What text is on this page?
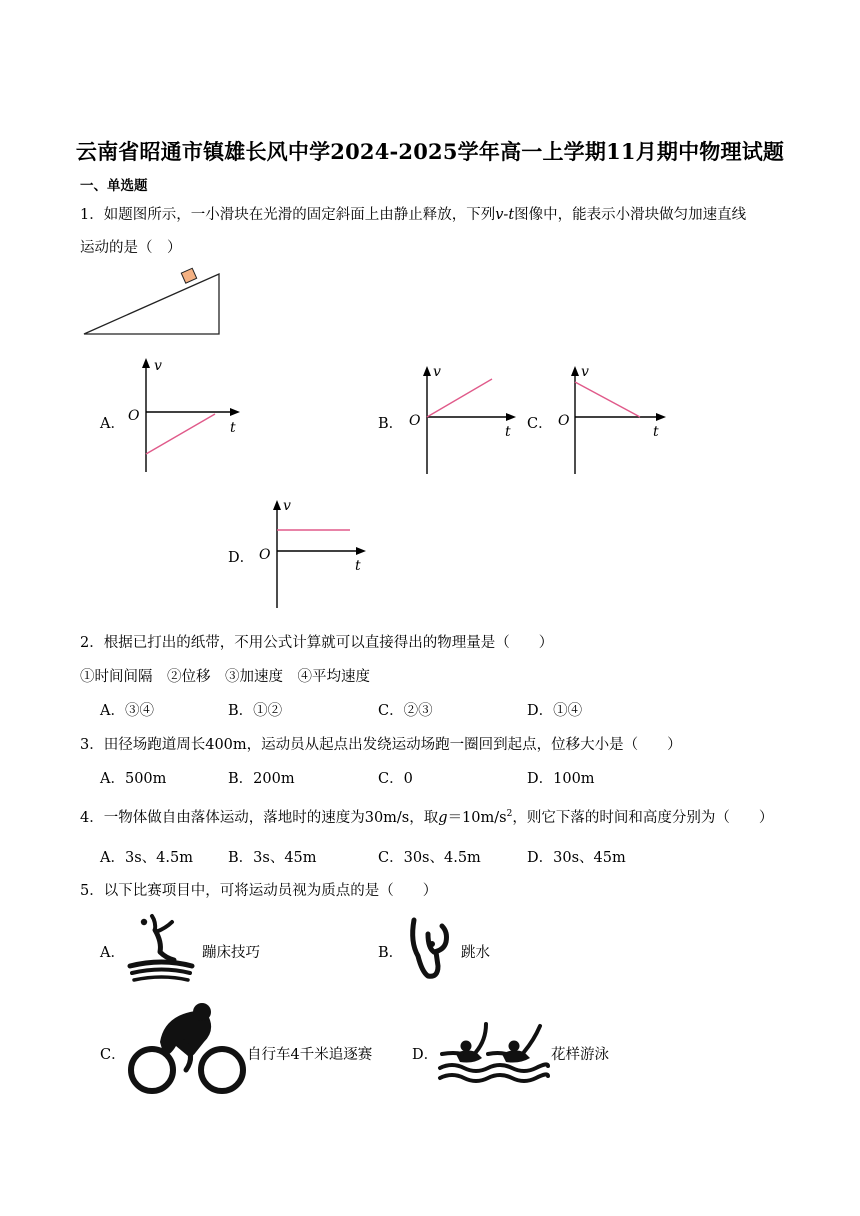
云南省昭通市镇雄长风中学2024-2025学年高一上学期11月期中物理试题
一、单选题
1．如题图所示，一小滑块在光滑的固定斜面上由静止释放，下列v-t图像中，能表示小滑块做匀加速直线
运动的是（　）
A．
v
t
O	B．
v
t
O	C．
v
t
O
D．
v
t
O
2．根据已打出的纸带，不用公式计算就可以直接得出的物理量是（　　）
①时间间隔　②位移　③加速度　④平均速度
A．③④	B．①②	C．②③	D．①④
3．田径场跑道周长400m，运动员从起点出发绕运动场跑一圈回到起点，位移大小是（　　）
A．500m	B．200m	C．0	D．100m
4．一物体做自由落体运动，落地时的速度为30m/s，取$g=10m/s^2$，则它下落的时间和高度分别为（　　）
A．3s、4.5m B．3s、45m	C．30s、4.5m	D．30s、45m
5．以下比赛项目中，可将运动员视为质点的是（　　）
A．	蹦床技巧	B．	跳水
C．	自行车4千米追逐赛	D．	花样游泳
